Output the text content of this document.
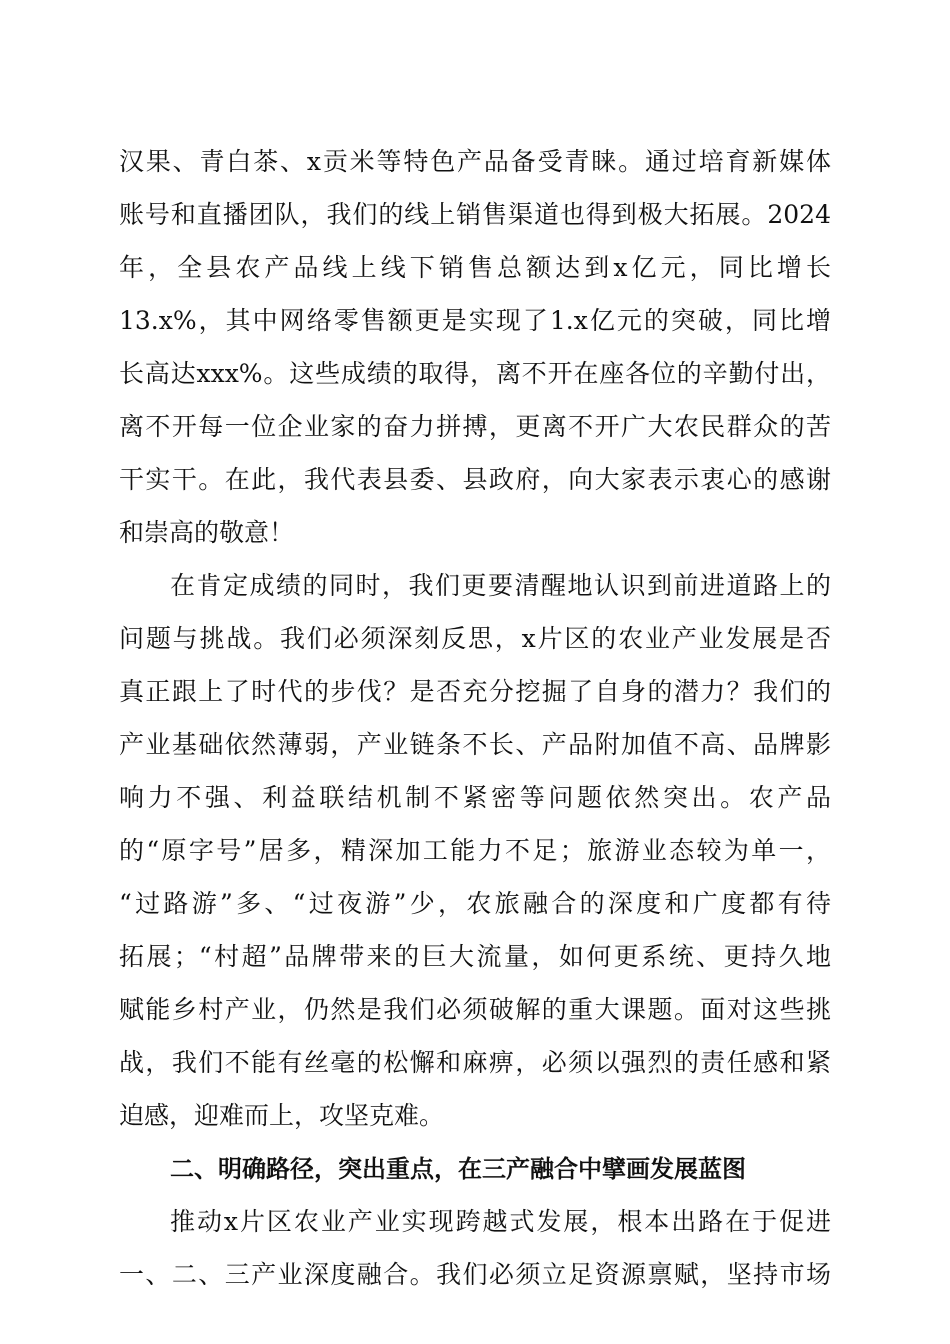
汉果、青白茶、x贡米等特色产品备受青睐。通过培育新媒体
账号和直播团队，我们的线上销售渠道也得到极大拓展。2024
年，全县农产品线上线下销售总额达到x亿元，同比增长
13.x%，其中网络零售额更是实现了1.x亿元的突破，同比增
长高达xxx%。这些成绩的取得，离不开在座各位的辛勤付出，
离不开每一位企业家的奋力拼搏，更离不开广大农民群众的苦
干实干。在此，我代表县委、县政府，向大家表示衷心的感谢
和崇高的敬意！
在肯定成绩的同时，我们更要清醒地认识到前进道路上的
问题与挑战。我们必须深刻反思，x片区的农业产业发展是否
真正跟上了时代的步伐？是否充分挖掘了自身的潜力？我们的
产业基础依然薄弱，产业链条不长、产品附加值不高、品牌影
响力不强、利益联结机制不紧密等问题依然突出。农产品
的“原字号”居多，精深加工能力不足；旅游业态较为单一，
“过路游”多、“过夜游”少，农旅融合的深度和广度都有待
拓展；“村超”品牌带来的巨大流量，如何更系统、更持久地
赋能乡村产业，仍然是我们必须破解的重大课题。面对这些挑
战，我们不能有丝毫的松懈和麻痹，必须以强烈的责任感和紧
迫感，迎难而上，攻坚克难。
二、明确路径，突出重点，在三产融合中擘画发展蓝图
推动x片区农业产业实现跨越式发展，根本出路在于促进
一、二、三产业深度融合。我们必须立足资源禀赋，坚持市场
